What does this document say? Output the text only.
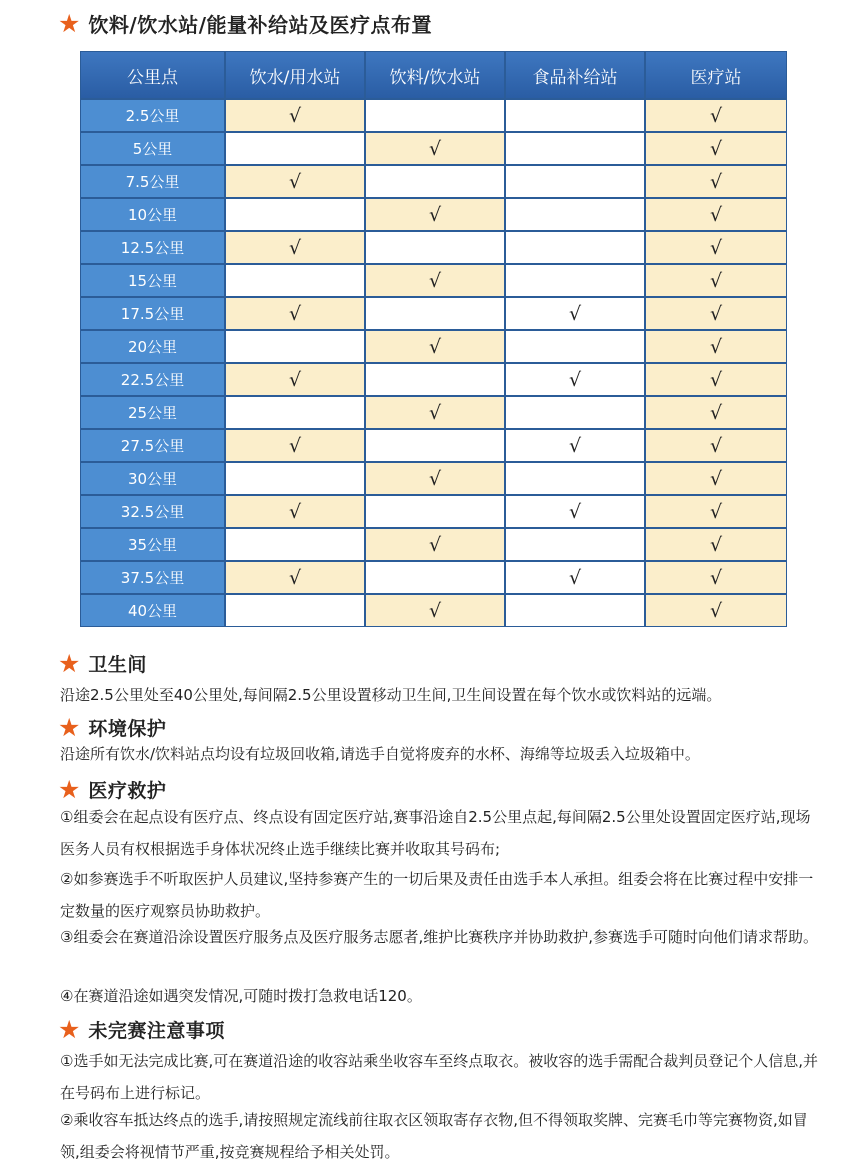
★ 饮料/饮水站/能量补给站及医疗点布置
公里点	饮水/用水站	饮料/饮水站	食品补给站	医疗站
2.5公里	√			√
5公里		√		√
7.5公里	√			√
10公里		√		√
12.5公里	√			√
15公里		√		√
17.5公里	√		√	√
20公里		√		√
22.5公里	√		√	√
25公里		√		√
27.5公里	√		√	√
30公里		√		√
32.5公里	√		√	√
35公里		√		√
37.5公里	√		√	√
40公里		√		√
★ 卫生间

沿途2.5公里处至40公里处,每间隔2.5公里设置移动卫生间,卫生间设置在每个饮水或饮料站的远端。

★ 环境保护

沿途所有饮水/饮料站点均设有垃圾回收箱,请选手自觉将废弃的水杯、海绵等垃圾丢入垃圾箱中。

★ 医疗救护

①组委会在起点设有医疗点、终点设有固定医疗站,赛事沿途自2.5公里点起,每间隔2.5公里处设置固定医疗站,现场医务人员有权根据选手身体状况终止选手继续比赛并收取其号码布;

②如参赛选手不听取医护人员建议,坚持参赛产生的一切后果及责任由选手本人承担。组委会将在比赛过程中安排一定数量的医疗观察员协助救护。

③组委会在赛道沿涂设置医疗服务点及医疗服务志愿者,维护比赛秩序并协助救护,参赛选手可随时向他们请求帮助。

④在赛道沿途如遇突发情况,可随时拨打急救电话120。

★ 未完赛注意事项

①选手如无法完成比赛,可在赛道沿途的收容站乘坐收容车至终点取衣。被收容的选手需配合裁判员登记个人信息,并在号码布上进行标记。

②乘收容车抵达终点的选手,请按照规定流线前往取衣区领取寄存衣物,但不得领取奖牌、完赛毛巾等完赛物资,如冒领,组委会将视情节严重,按竞赛规程给予相关处罚。
